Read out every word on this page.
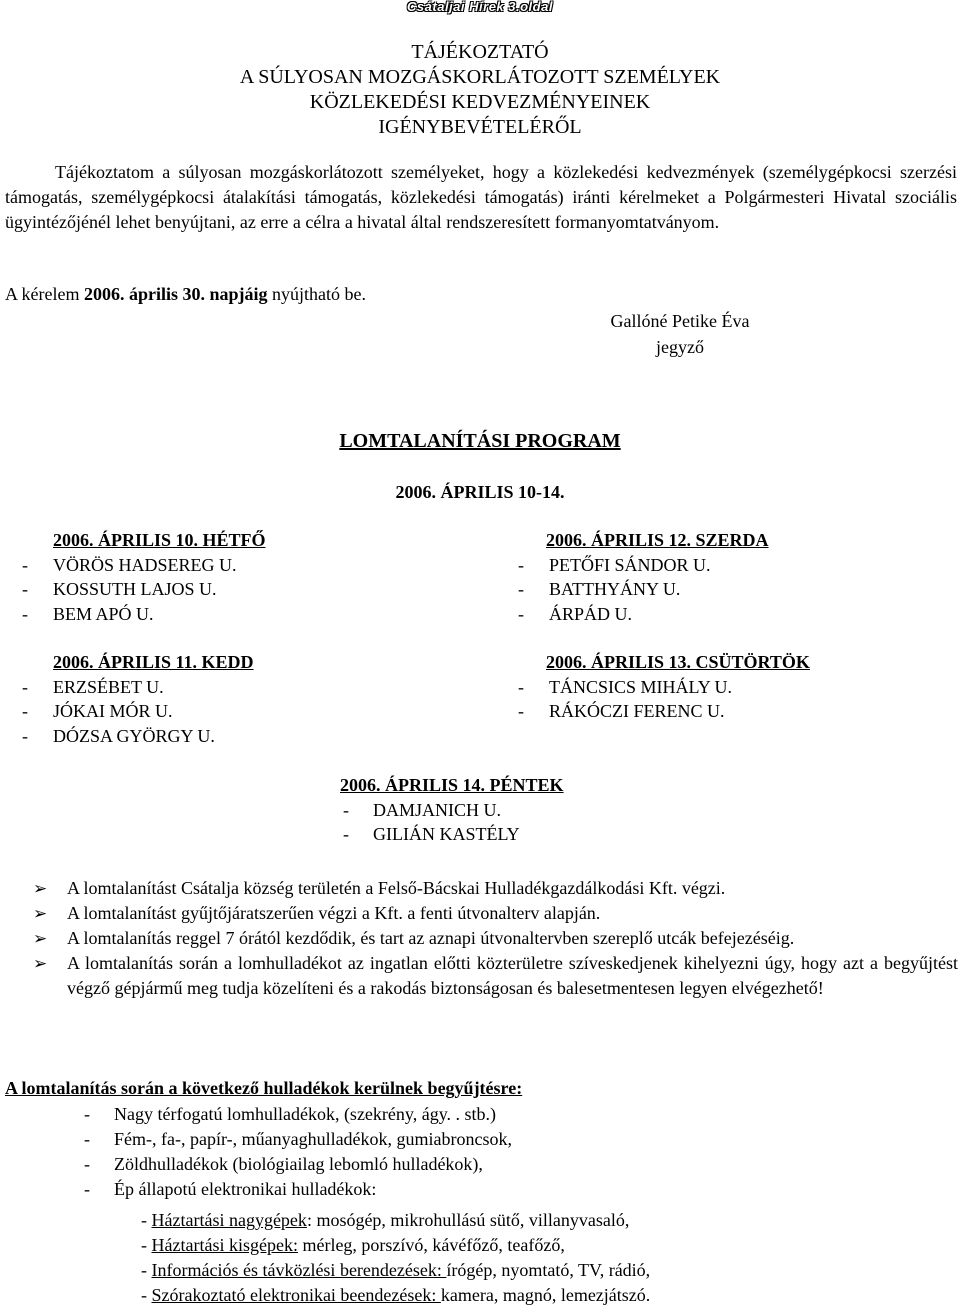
Csátaljai Hírek 3.oldal
TÁJÉKOZTATÓ
A SÚLYOSAN MOZGÁSKORLÁTOZOTT SZEMÉLYEK
KÖZLEKEDÉSI KEDVEZMÉNYEINEK
IGÉNYBEVÉTELÉRŐL
Tájékoztatom a súlyosan mozgáskorlátozott személyeket, hogy a közlekedési kedvezmények (személygépkocsi szerzési támogatás, személygépkocsi átalakítási támogatás, közlekedési támogatás) iránti kérelmeket a Polgármesteri Hivatal szociális ügyintézőjénél lehet benyújtani, az erre a célra a hivatal által rendszeresített formanyomtatványom.
A kérelem 2006. április 30. napjáig nyújtható be.
Gallóné Petike Éva
jegyző
LOMTALANÍTÁSI PROGRAM
2006. ÁPRILIS 10-14.
2006. ÁPRILIS 10. HÉTFŐ
- VÖRÖS HADSEREG U.
- KOSSUTH LAJOS U.
- BEM APÓ U.
2006. ÁPRILIS 11. KEDD
- ERZSÉBET U.
- JÓKAI MÓR U.
- DÓZSA GYÖRGY U.
2006. ÁPRILIS 12. SZERDA
- PETŐFI SÁNDOR U.
- BATTHYÁNY U.
- ÁRPÁD U.
2006. ÁPRILIS 13. CSÜTÖRTÖK
- TÁNCSICS MIHÁLY U.
- RÁKÓCZI FERENC U.
2006. ÁPRILIS 14. PÉNTEK
- DAMJANICH U.
- GILIÁN KASTÉLY
➢ A lomtalanítást Csátalja község területén a Felső-Bácskai Hulladékgazdálkodási Kft. végzi.
➢ A lomtalanítást gyűjtőjáratszerűen végzi a Kft. a fenti útvonalterv alapján.
➢ A lomtalanítás reggel 7 órától kezdődik, és tart az aznapi útvonaltervben szereplő utcák befejezéséig.
➢ A lomtalanítás során a lomhulladékot az ingatlan előtti közterületre szíveskedjenek kihelyezni úgy, hogy azt a begyűjtést végző gépjármű meg tudja közelíteni és a rakodás biztonságosan és balesetmentesen legyen elvégezhető!
A lomtalanítás során a következő hulladékok kerülnek begyűjtésre:
- Nagy térfogatú lomhulladékok, (szekrény, ágy. . stb.)
- Fém-, fa-, papír-, műanyaghulladékok, gumiabroncsok,
- Zöldhulladékok (biológiailag lebomló hulladékok),
- Ép állapotú elektronikai hulladékok:
- Háztartási nagygépek: mosógép, mikrohullású sütő, villanyvasaló,
- Háztartási kisgépek: mérleg, porszívó, kávéfőző, teafőző,
- Információs és távközlési berendezések: írógép, nyomtató, TV, rádió,
- Szórakoztató elektronikai beendezések: kamera, magnó, lemezjátszó.
